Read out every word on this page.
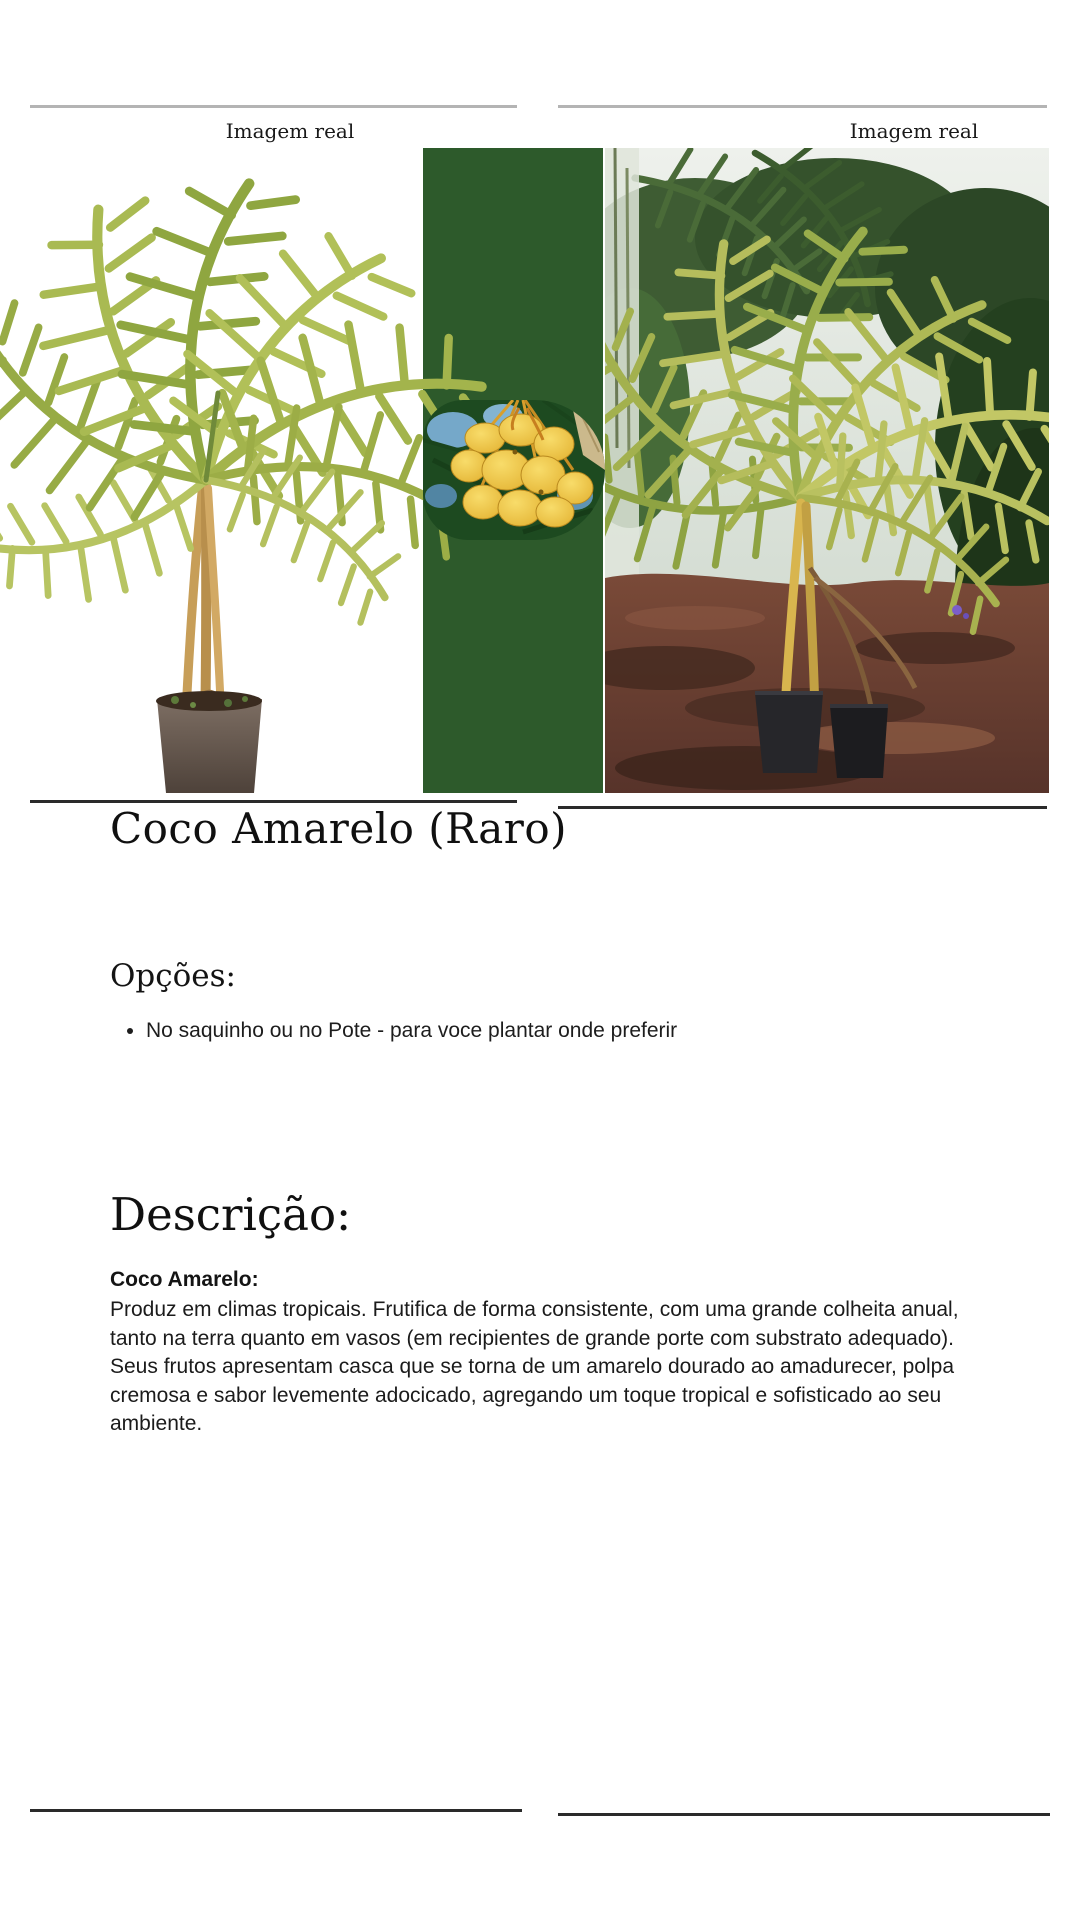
Imagem real	Imagem real
Coco Amarelo (Raro)
Opções:
• No saquinho ou no Pote - para voce plantar onde preferir
Descrição:
Coco Amarelo:
Produz em climas tropicais. Frutifica de forma consistente, com uma grande colheita anual, tanto na terra quanto em vasos (em recipientes de grande porte com substrato adequado). Seus frutos apresentam casca que se torna de um amarelo dourado ao amadurecer, polpa cremosa e sabor levemente adocicado, agregando um toque tropical e sofisticado ao seu ambiente.
